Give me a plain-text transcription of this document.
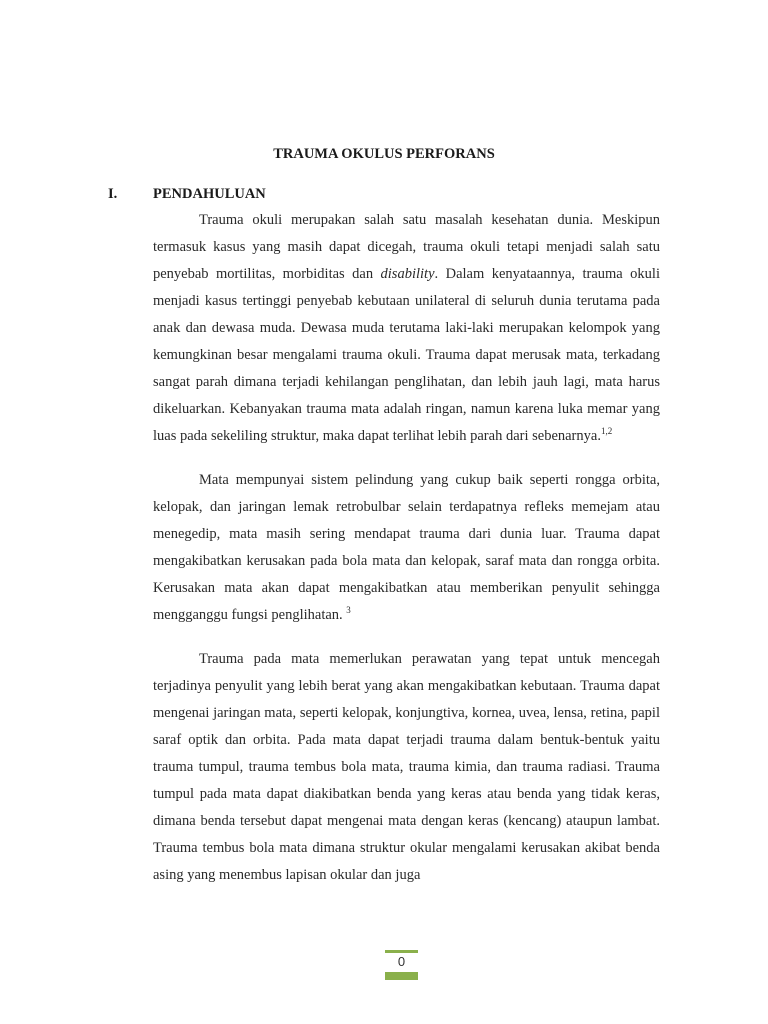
TRAUMA OKULUS PERFORANS
I. PENDAHULUAN

Trauma okuli merupakan salah satu masalah kesehatan dunia. Meskipun termasuk kasus yang masih dapat dicegah, trauma okuli tetapi menjadi salah satu penyebab mortilitas, morbiditas dan disability. Dalam kenyataannya, trauma okuli menjadi kasus tertinggi penyebab kebutaan unilateral di seluruh dunia terutama pada anak dan dewasa muda. Dewasa muda terutama laki-laki merupakan kelompok yang kemungkinan besar mengalami trauma okuli. Trauma dapat merusak mata, terkadang sangat parah dimana terjadi kehilangan penglihatan, dan lebih jauh lagi, mata harus dikeluarkan. Kebanyakan trauma mata adalah ringan, namun karena luka memar yang luas pada sekeliling struktur, maka dapat terlihat lebih parah dari sebenarnya.$^{1,2}$

Mata mempunyai sistem pelindung yang cukup baik seperti rongga orbita, kelopak, dan jaringan lemak retrobulbar selain terdapatnya refleks memejam atau menegedip, mata masih sering mendapat trauma dari dunia luar. Trauma dapat mengakibatkan kerusakan pada bola mata dan kelopak, saraf mata dan rongga orbita. Kerusakan mata akan dapat mengakibatkan atau memberikan penyulit sehingga mengganggu fungsi penglihatan. $^3$

Trauma pada mata memerlukan perawatan yang tepat untuk mencegah terjadinya penyulit yang lebih berat yang akan mengakibatkan kebutaan. Trauma dapat mengenai jaringan mata, seperti kelopak, konjungtiva, kornea, uvea, lensa, retina, papil saraf optik dan orbita. Pada mata dapat terjadi trauma dalam bentuk-bentuk yaitu trauma tumpul, trauma tembus bola mata, trauma kimia, dan trauma radiasi. Trauma tumpul pada mata dapat diakibatkan benda yang keras atau benda yang tidak keras, dimana benda tersebut dapat mengenai mata dengan keras (kencang) ataupun lambat. Trauma tembus bola mata dimana struktur okular mengalami kerusakan akibat benda asing yang menembus lapisan okular dan juga

0
